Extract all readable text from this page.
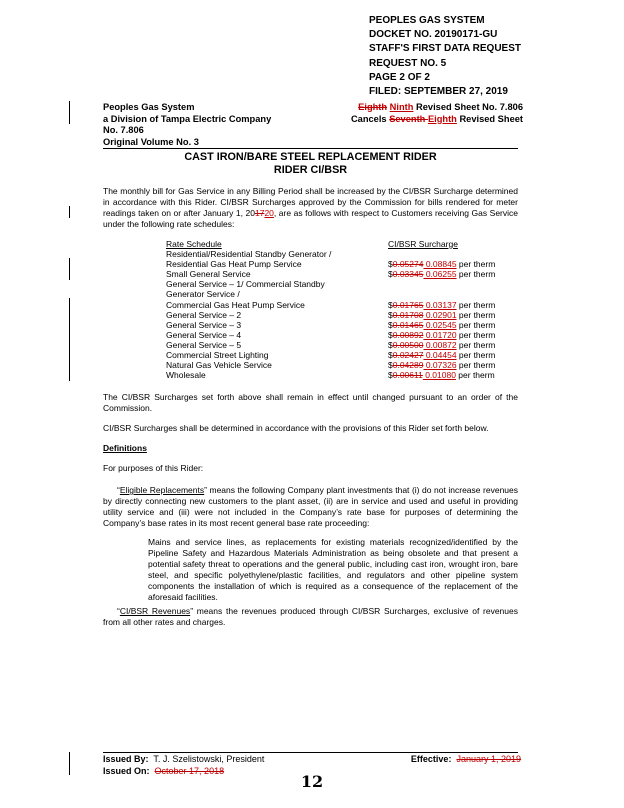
PEOPLES GAS SYSTEM
DOCKET NO. 20190171-GU
STAFF'S FIRST DATA REQUEST
REQUEST NO. 5
PAGE 2 OF 2
FILED: SEPTEMBER 27, 2019
Peoples Gas System
a Division of Tampa Electric Company
No. 7.806
Original Volume No. 3
Eighth Ninth Revised Sheet No. 7.806
Cancels Seventh Eighth Revised Sheet
CAST IRON/BARE STEEL REPLACEMENT RIDER
RIDER CI/BSR
The monthly bill for Gas Service in any Billing Period shall be increased by the CI/BSR Surcharge determined in accordance with this Rider. CI/BSR Surcharges approved by the Commission for bills rendered for meter readings taken on or after January 1, 201720, are as follows with respect to Customers receiving Gas Service under the following rate schedules:
Rate Schedule	CI/BSR Surcharge
Residential/Residential Standby Generator /
Residential Gas Heat Pump Service	$0.05274 0.08845 per therm
Small General Service	$0.03345 0.06255 per therm
General Service – 1/ Commercial Standby
Generator Service /
Commercial Gas Heat Pump Service	$0.01765 0.03137 per therm
General Service – 2	$0.01708 0.02901 per therm
General Service – 3	$0.01465 0.02545 per therm
General Service – 4	$0.00892 0.01720 per therm
General Service – 5	$0.00500 0.00872 per therm
Commercial Street Lighting	$0.02427 0.04454 per therm
Natural Gas Vehicle Service	$0.04289 0.07326 per therm
Wholesale	$0.00611 0.01080 per therm
The CI/BSR Surcharges set forth above shall remain in effect until changed pursuant to an order of the Commission.
CI/BSR Surcharges shall be determined in accordance with the provisions of this Rider set forth below.
Definitions
For purposes of this Rider:
“Eligible Replacements” means the following Company plant investments that (i) do not increase revenues by directly connecting new customers to the plant asset, (ii) are in service and used and useful in providing utility service and (iii) were not included in the Company’s rate base for purposes of determining the Company’s base rates in its most recent general base rate proceeding:
Mains and service lines, as replacements for existing materials recognized/identified by the Pipeline Safety and Hazardous Materials Administration as being obsolete and that present a potential safety threat to operations and the general public, including cast iron, wrought iron, bare steel, and specific polyethylene/plastic facilities, and regulators and other pipeline system components the installation of which is required as a consequence of the replacement of the aforesaid facilities.
“CI/BSR Revenues” means the revenues produced through CI/BSR Surcharges, exclusive of revenues from all other rates and charges.
Issued By: T. J. Szelistowski, President
Issued On: October 17, 2018
Effective: January 1, 2019
12
